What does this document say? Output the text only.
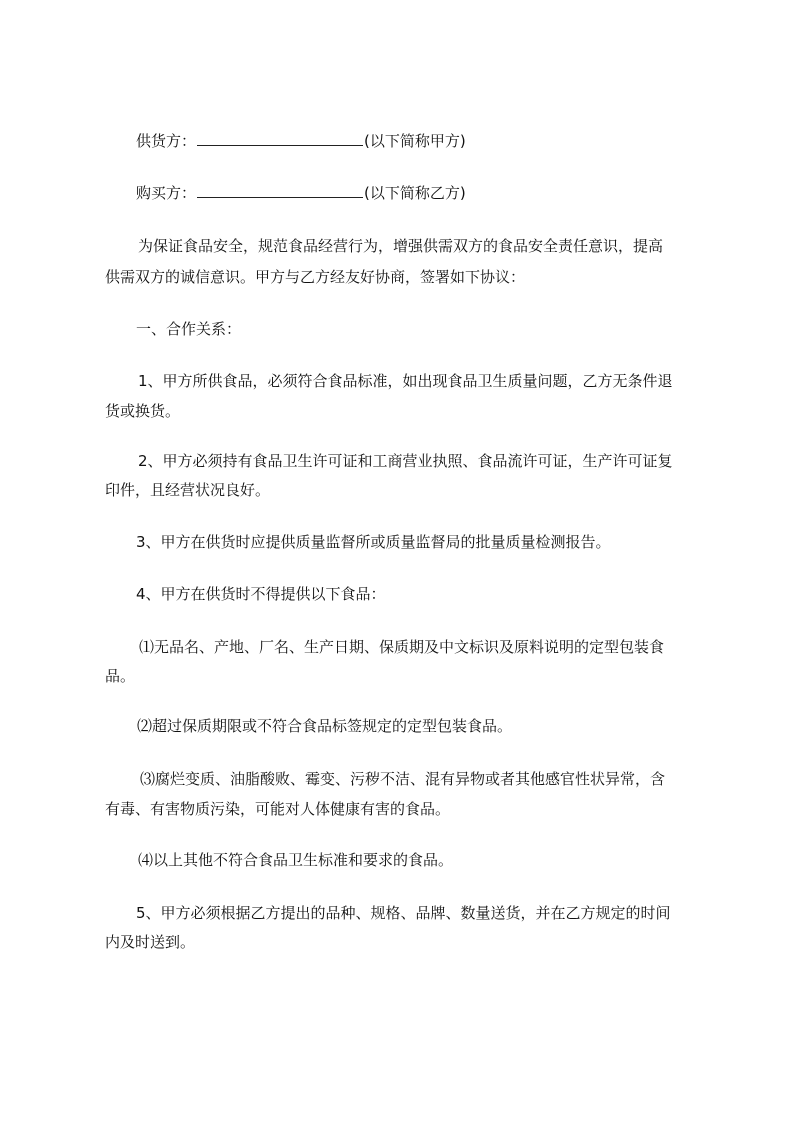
供货方：	(以下简称甲方)
购买方：	(以下简称乙方)
为保证食品安全，规范食品经营行为，增强供需双方的食品安全责任意识，提高
供需双方的诚信意识。甲方与乙方经友好协商，签署如下协议：
一、合作关系：
1、甲方所供食品，必须符合食品标准，如出现食品卫生质量问题，乙方无条件退
货或换货。
2、甲方必须持有食品卫生许可证和工商营业执照、食品流许可证，生产许可证复
印件，且经营状况良好。
3、甲方在供货时应提供质量监督所或质量监督局的批量质量检测报告。
4、甲方在供货时不得提供以下食品：
⑴无品名、产地、厂名、生产日期、保质期及中文标识及原料说明的定型包装食
品。
⑵超过保质期限或不符合食品标签规定的定型包装食品。
⑶腐烂变质、油脂酸败、霉变、污秽不洁、混有异物或者其他感官性状异常，含
有毒、有害物质污染，可能对人体健康有害的食品。
⑷以上其他不符合食品卫生标准和要求的食品。
5、甲方必须根据乙方提出的品种、规格、品牌、数量送货，并在乙方规定的时间
内及时送到。
